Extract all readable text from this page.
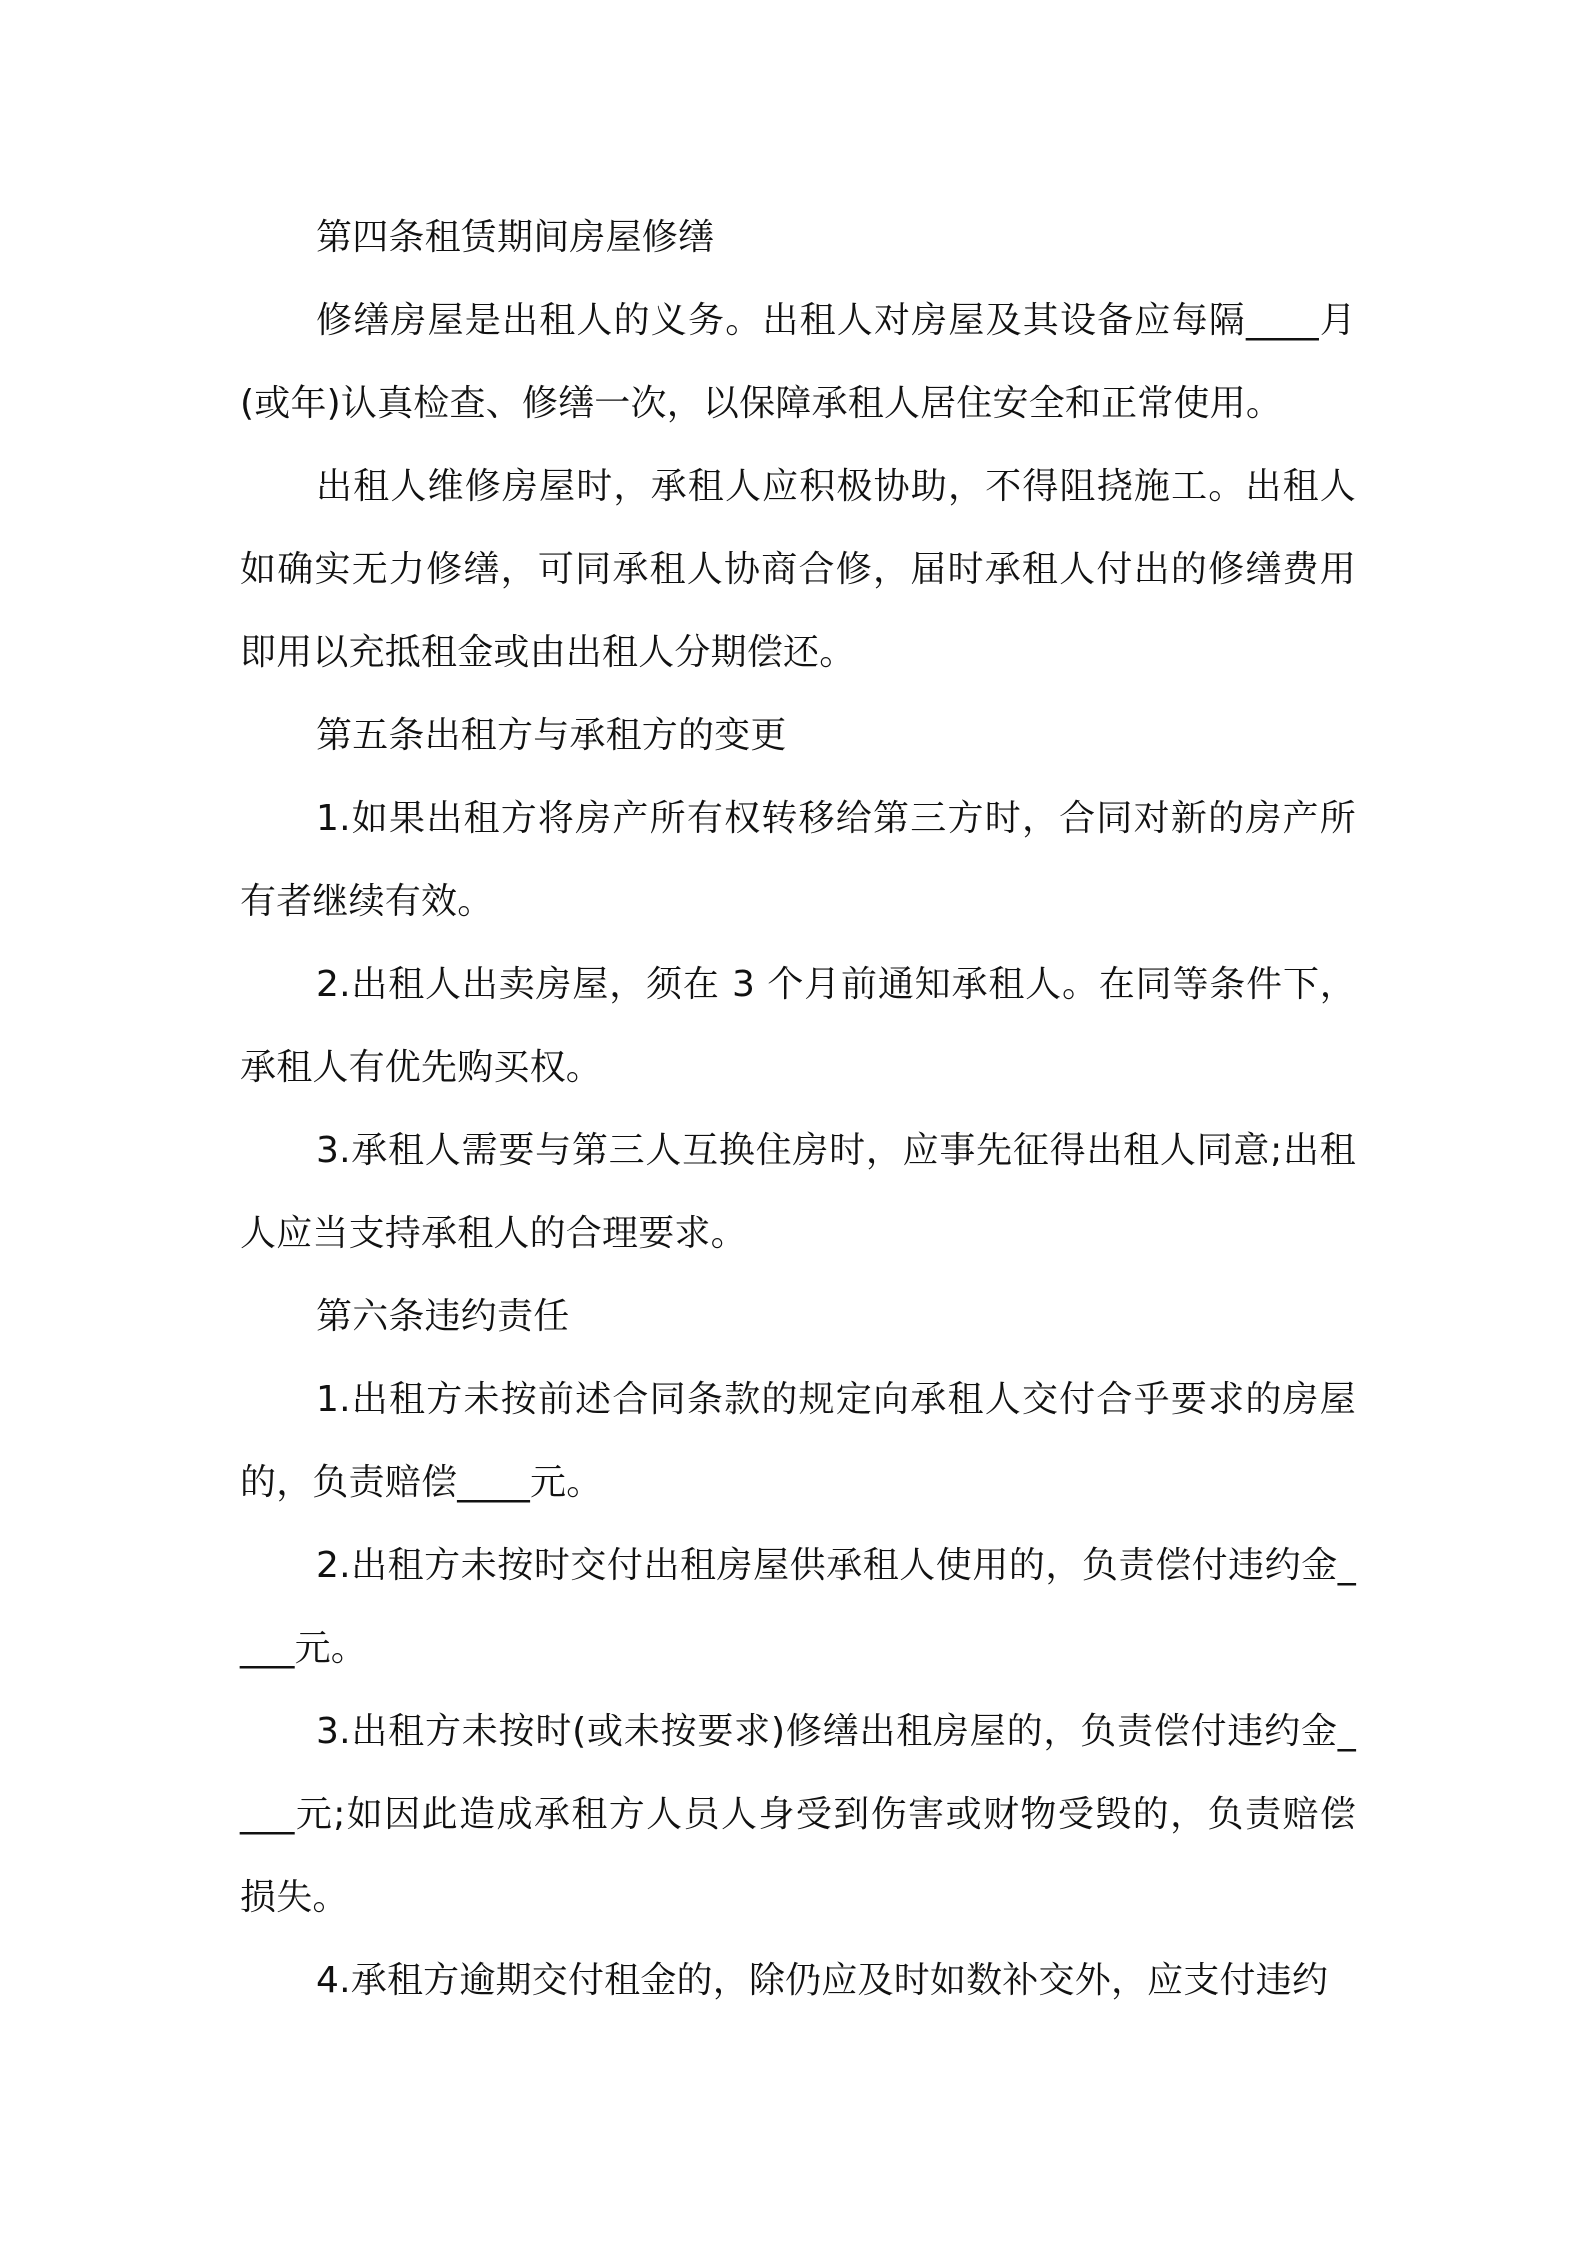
第四条租赁期间房屋修缮

修缮房屋是出租人的义务。出租人对房屋及其设备应每隔____月(或年)认真检查、修缮一次，以保障承租人居住安全和正常使用。

出租人维修房屋时，承租人应积极协助，不得阻挠施工。出租人如确实无力修缮，可同承租人协商合修，届时承租人付出的修缮费用即用以充抵租金或由出租人分期偿还。

第五条出租方与承租方的变更

1.如果出租方将房产所有权转移给第三方时，合同对新的房产所有者继续有效。

2.出租人出卖房屋，须在 3 个月前通知承租人。在同等条件下，承租人有优先购买权。

3.承租人需要与第三人互换住房时，应事先征得出租人同意;出租人应当支持承租人的合理要求。

第六条违约责任

1.出租方未按前述合同条款的规定向承租人交付合乎要求的房屋的，负责赔偿____元。

2.出租方未按时交付出租房屋供承租人使用的，负责偿付违约金____元。

3.出租方未按时(或未按要求)修缮出租房屋的，负责偿付违约金____元;如因此造成承租方人员人身受到伤害或财物受毁的，负责赔偿损失。

4.承租方逾期交付租金的，除仍应及时如数补交外，应支付违约
